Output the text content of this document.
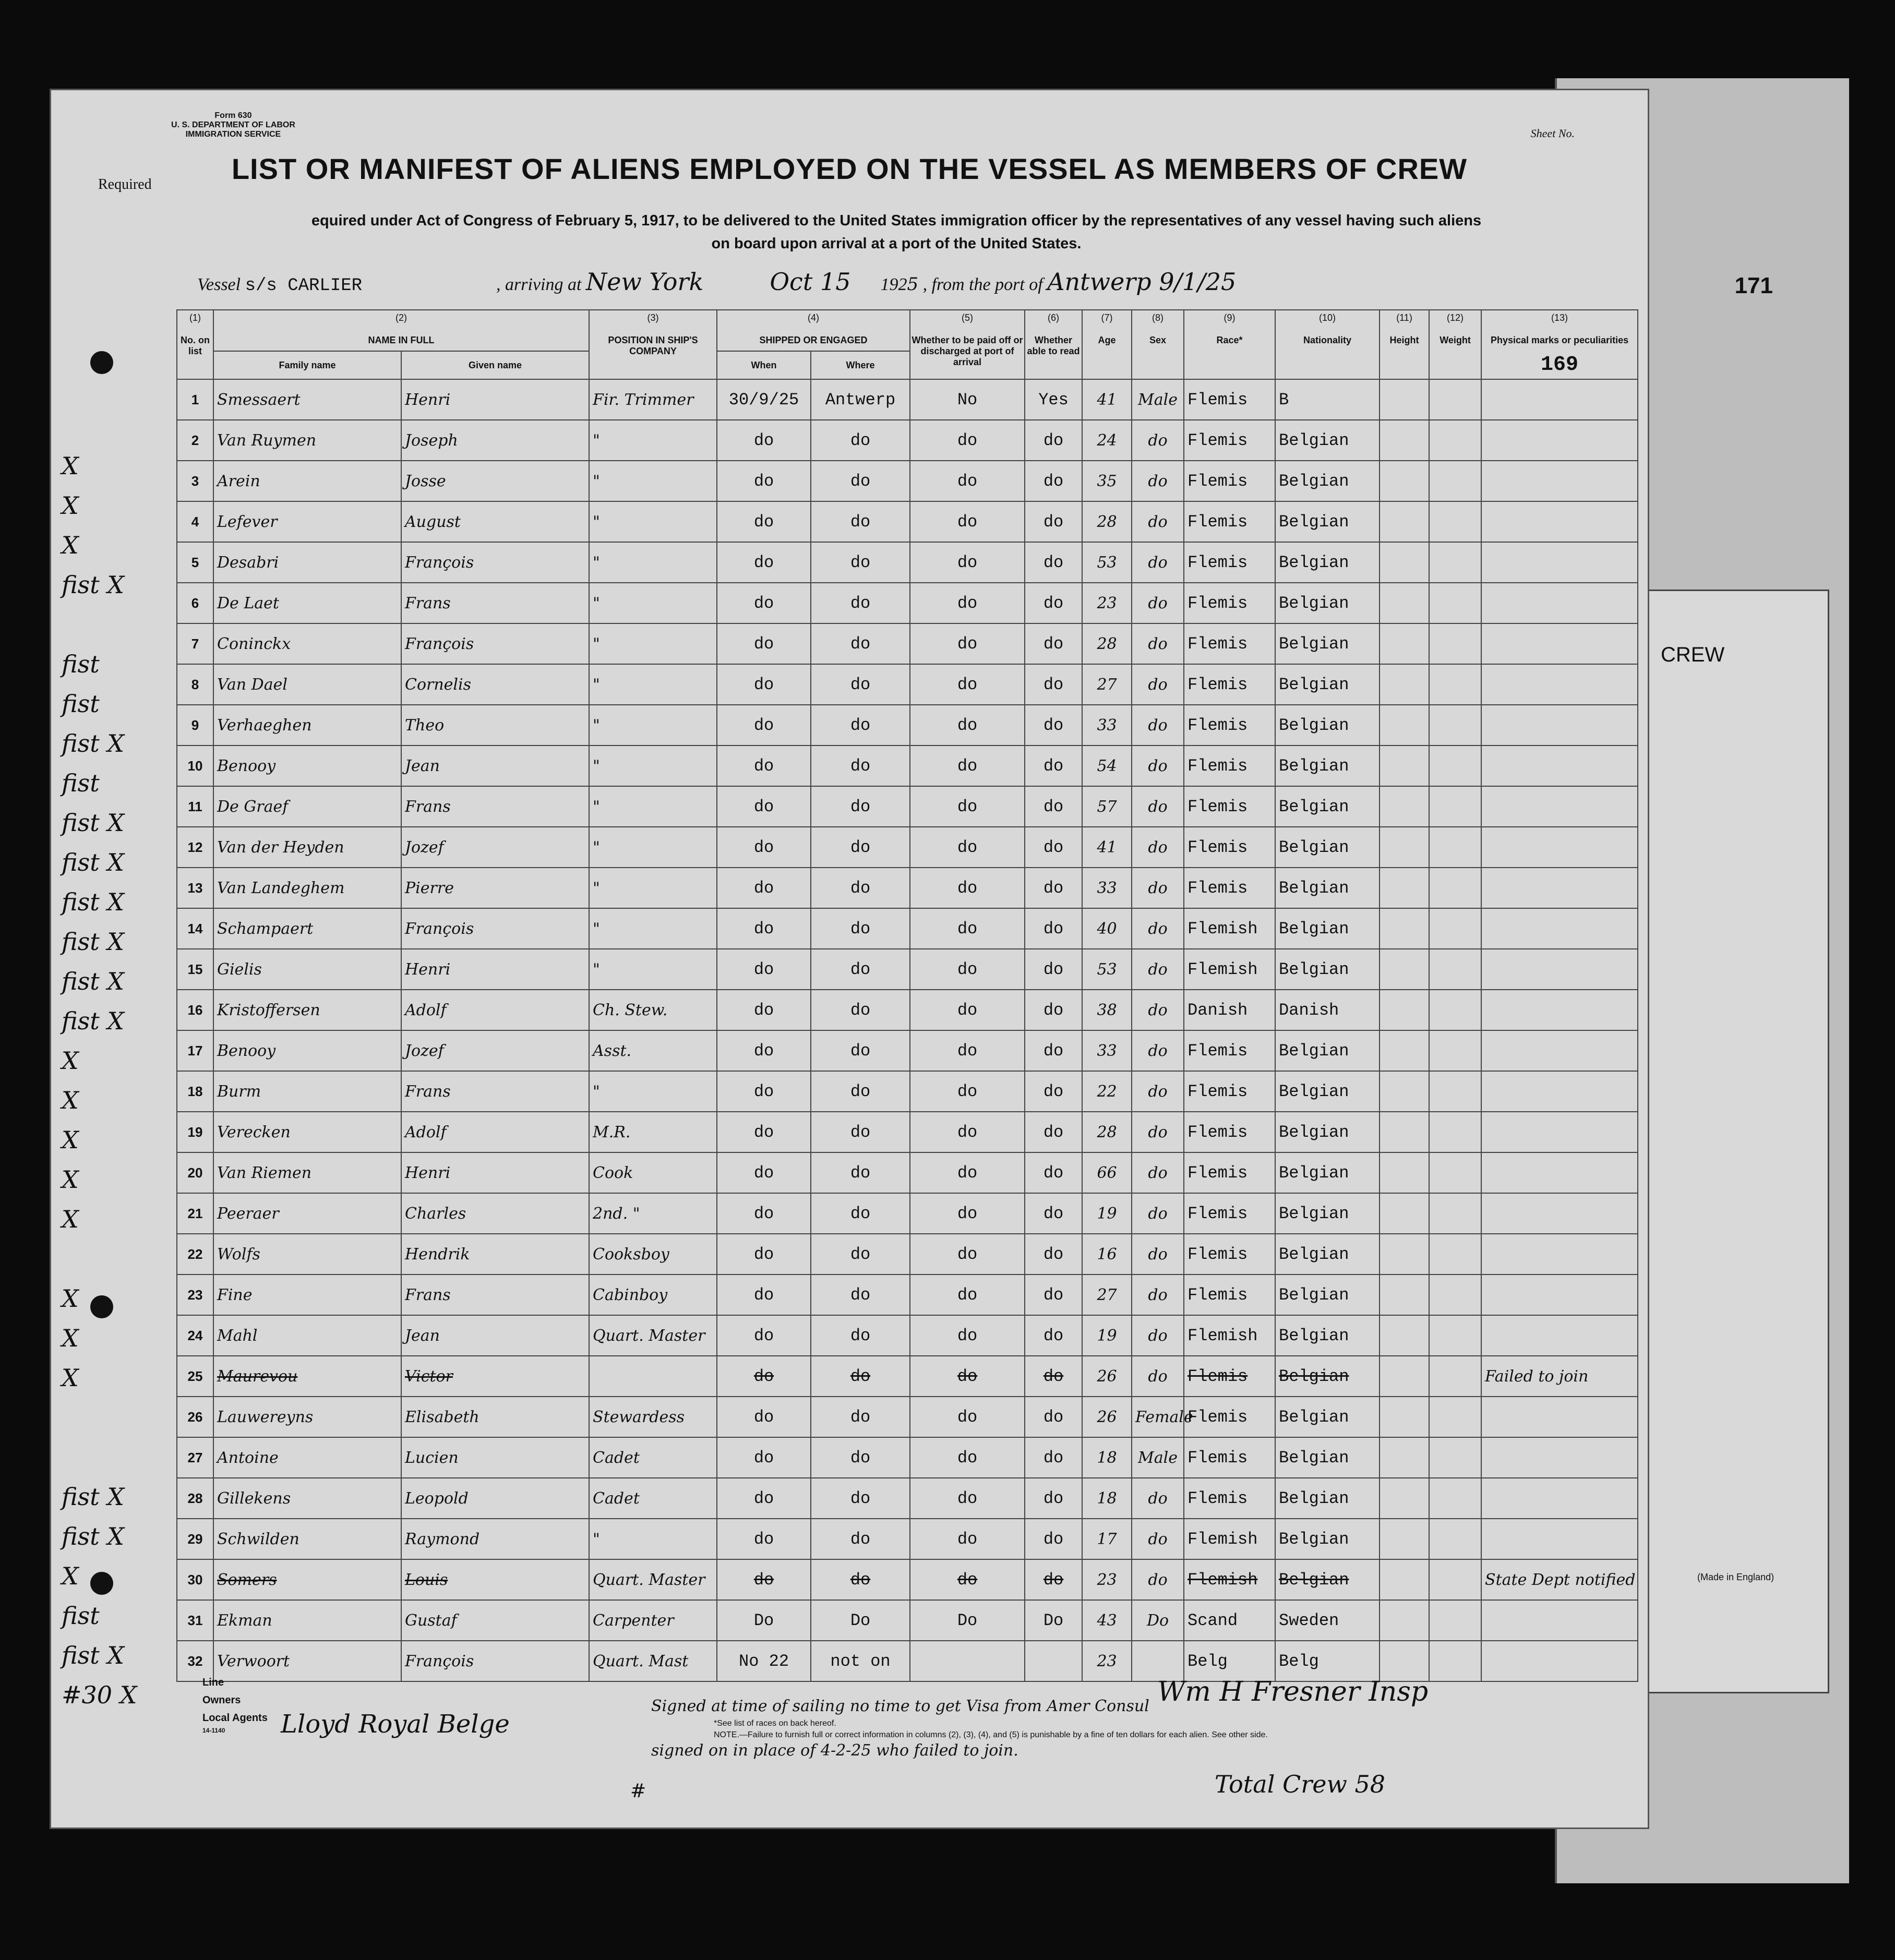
CREW
(Made in England)
Form 630
U. S. DEPARTMENT OF LABOR
IMMIGRATION SERVICE
Required
Sheet No.
LIST OR MANIFEST OF ALIENS EMPLOYED ON THE VESSEL AS MEMBERS OF CREW
equired under Act of Congress of February 5, 1917, to be delivered to the United States immigration officer by the representatives of any vessel having such aliens
on board upon arrival at a port of the United States.
Vessel s/s CARLIER	, arriving at New York	Oct 15 1925 , from the port of Antwerp 9/1/25	171
(1)
No. on list	(2)
NAME IN FULL		(3)
POSITION IN SHIP'S COMPANY	(4)
SHIPPED OR ENGAGED		(5)
Whether to be paid off or discharged at port of arrival	(6)
Whether able to read	(7)
Age	(8)
Sex	(9)
Race*	(10)
Nationality	(11)
Height	(12)
Weight	(13)
Physical marks or peculiarities
169

	Family name	Given name		When	Where									
1	Smessaert	Henri	Fir. Trimmer	30/9/25	Antwerp	No	Yes	41	Male	Flemis	B			
2	Van Ruymen	Joseph	"	do	do	do	do	24	do	Flemis	Belgian			
3	Arein	Josse	"	do	do	do	do	35	do	Flemis	Belgian			
4	Lefever	August	"	do	do	do	do	28	do	Flemis	Belgian			
5	Desabri	François	"	do	do	do	do	53	do	Flemis	Belgian			
6	De Laet	Frans	"	do	do	do	do	23	do	Flemis	Belgian			
7	Coninckx	François	"	do	do	do	do	28	do	Flemis	Belgian			
8	Van Dael	Cornelis	"	do	do	do	do	27	do	Flemis	Belgian			
9	Verhaeghen	Theo	"	do	do	do	do	33	do	Flemis	Belgian			
10	Benooy	Jean	"	do	do	do	do	54	do	Flemis	Belgian			
11	De Graef	Frans	"	do	do	do	do	57	do	Flemis	Belgian			
12	Van der Heyden	Jozef	"	do	do	do	do	41	do	Flemis	Belgian			
13	Van Landeghem	Pierre	"	do	do	do	do	33	do	Flemis	Belgian			
14	Schampaert	François	"	do	do	do	do	40	do	Flemish	Belgian			
15	Gielis	Henri	"	do	do	do	do	53	do	Flemish	Belgian			
16	Kristoffersen	Adolf	Ch. Stew.	do	do	do	do	38	do	Danish	Danish			
17	Benooy	Jozef	Asst.	do	do	do	do	33	do	Flemis	Belgian			
18	Burm	Frans	"	do	do	do	do	22	do	Flemis	Belgian			
19	Verecken	Adolf	M.R.	do	do	do	do	28	do	Flemis	Belgian			
20	Van Riemen	Henri	Cook	do	do	do	do	66	do	Flemis	Belgian			
21	Peeraer	Charles	2nd. "	do	do	do	do	19	do	Flemis	Belgian			
22	Wolfs	Hendrik	Cooksboy	do	do	do	do	16	do	Flemis	Belgian			
23	Fine	Frans	Cabinboy	do	do	do	do	27	do	Flemis	Belgian			
24	Mahl	Jean	Quart. Master	do	do	do	do	19	do	Flemish	Belgian			
25	Maurevou	Victor		do	do	do	do	26	do	Flemis	Belgian			Failed to join
26	Lauwereyns	Elisabeth	Stewardess	do	do	do	do	26	Female	Flemis	Belgian			
27	Antoine	Lucien	Cadet	do	do	do	do	18	Male	Flemis	Belgian			
28	Gillekens	Leopold	Cadet	do	do	do	do	18	do	Flemis	Belgian			
29	Schwilden	Raymond	"	do	do	do	do	17	do	Flemish	Belgian			
30	Somers	Louis	Quart. Master	do	do	do	do	23	do	Flemish	Belgian			State Dept notified
31	Ekman	Gustaf	Carpenter	Do	Do	Do	Do	43	Do	Scand	Sweden			
32	Verwoort	François	Quart. Mast	No 22	not on			23		Belg	Belg			
Line
Owners
Local Agents
14-1140	Lloyd Royal Belge
Signed at time of sailing no time to get Visa from Amer Consul
*See list of races on back hereof.
NOTE.—Failure to furnish full or correct information in columns (2), (3), (4), and (5) is punishable by a fine of ten dollars for each alien. See other side.
signed on in place of 4-2-25 who failed to join.
Wm H Fresner Insp
Total Crew 58
#
X
X
X
fist X
fist
fist
fist X
fist
fist X
fist X
fist X
fist X
fist X
fist X
X
X
X
X
X
X
X
X
fist X
fist X
X
fist
fist X
#30 X
